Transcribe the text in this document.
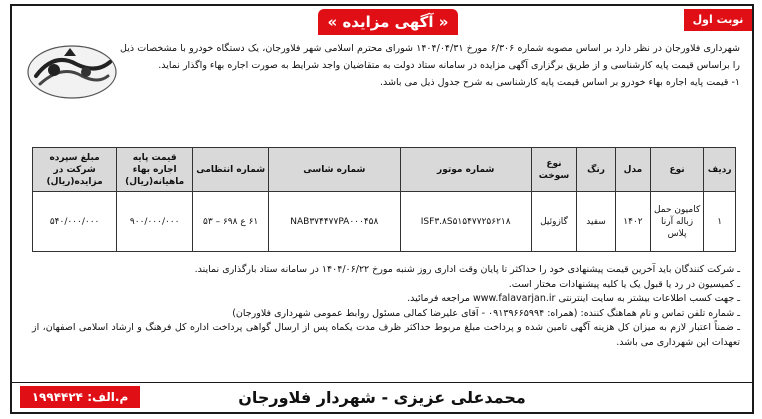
« آگهی مزایده »	نوبت اول

شهرداری فلاورجان در نظر دارد بر اساس مصوبه شماره ۶/۳۰۶ مورخ ۱۴۰۴/۰۴/۳۱ شورای محترم اسلامی شهر فلاورجان، یک دستگاه خودرو با مشخصات ذیل را براساس قیمت پایه کارشناسی و از طریق برگزاری آگهی مزایده در سامانه ستاد دولت به متقاضیان واجد شرایط به صورت اجاره بهاء واگذار نماید.

۱- قیمت پایه اجاره بهاء خودرو بر اساس قیمت پایه کارشناسی به شرح جدول ذیل می باشد.

ردیف	نوع	مدل	رنگ	نوع سوخت	شماره موتور	شماره شاسی	شماره انتظامی	قیمت پایه اجاره بهاء ماهیانه(ریال)	مبلغ سپرده شرکت در مزایده(ریال)
۱	کامیون حمل زباله آرنا پلاس	۱۴۰۲	سفید	گازوئیل	ISF۳.۸S۵۱۵۴۷۷۲۵۶۲۱۸	NAB۳۷۴۴۷۷PA۰۰۰۴۵۸	۶۱ ع ۶۹۸ – ۵۳	۹۰۰/۰۰۰/۰۰۰	۵۴۰/۰۰۰/۰۰۰

ـ شرکت کنندگان باید آخرین قیمت پیشنهادی خود را حداکثر تا پایان وقت اداری روز شنبه مورخ ۱۴۰۴/۰۶/۲۲ در سامانه ستاد بارگذاری نمایند.

ـ کمیسیون در رد یا قبول یک یا کلیه پیشنهادات مختار است.

ـ جهت کسب اطلاعات بیشتر به سایت اینترنتی www.falavarjan.ir مراجعه فرمائید.

ـ شماره تلفن تماس و نام هماهنگ کننده: (همراه: ۰۹۱۳۹۶۶۵۹۹۴ - آقای علیرضا کمالی مسئول روابط عمومی شهرداری فلاورجان)

ـ ضمناً اعتبار لازم به میزان کل هزینه آگهی تامین شده و پرداخت مبلغ مربوط حداکثر ظرف مدت یکماه پس از ارسال گواهی پرداخت اداره کل فرهنگ و ارشاد اسلامی اصفهان، از تعهدات این شهرداری می باشد.

محمدعلی عزیزی - شهردار فلاورجان
م.الف: ۱۹۹۴۴۲۴
